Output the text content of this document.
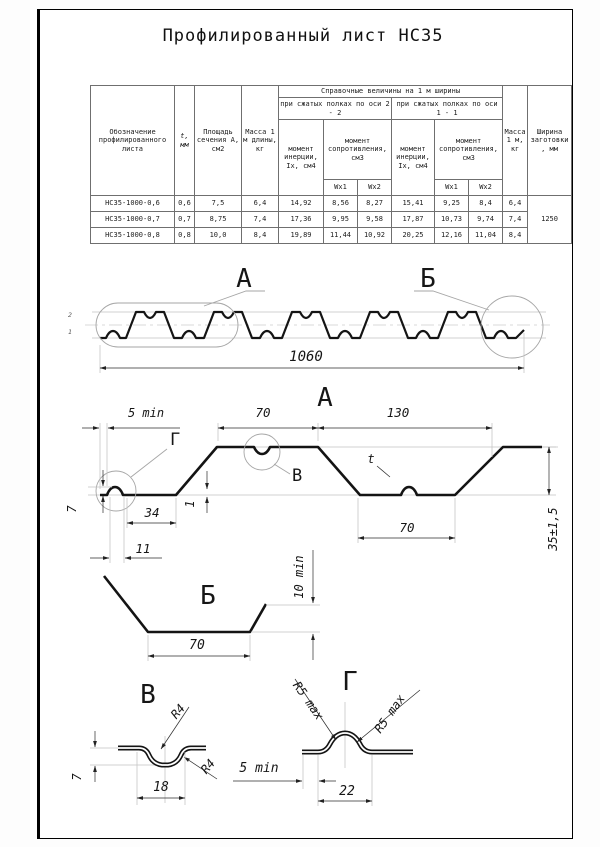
Профилированный лист НС35
Обозначение профилированного листа	t, мм	Площадь сечения А, см2	Масса 1 м длины, кг	Справочные величины на 1 м ширины						Масса 1 м, кг	Ширина заготовки, мм
				при сжатых полках по оси 2 - 2			при сжатых полках по оси 1 - 1				
				момент инерции, Ix, см4	момент сопротивления, см3		момент инерции, Ix, см4	момент сопротивления, см3			
					Wx1	Wx2		Wx1	Wx2		
НС35-1000-0,6	0,6	7,5	6,4	14,92	8,56	8,27	15,41	9,25	8,4	6,4	1250
НС35-1000-0,7	0,7	8,75	7,4	17,36	9,95	9,58	17,87	10,73	9,74	7,4	
НС35-1000-0,8	0,8	10,0	8,4	19,89	11,44	10,92	20,25	12,16	11,04	8,4	
А	Б
2
1
1060
А
Г
В
5 min	70	130
t
7	34
1
11
70	35±1,5
Б
70
10 min
В
R4
R4
7
18
Г
R5 max	R5 max
5 min
22
